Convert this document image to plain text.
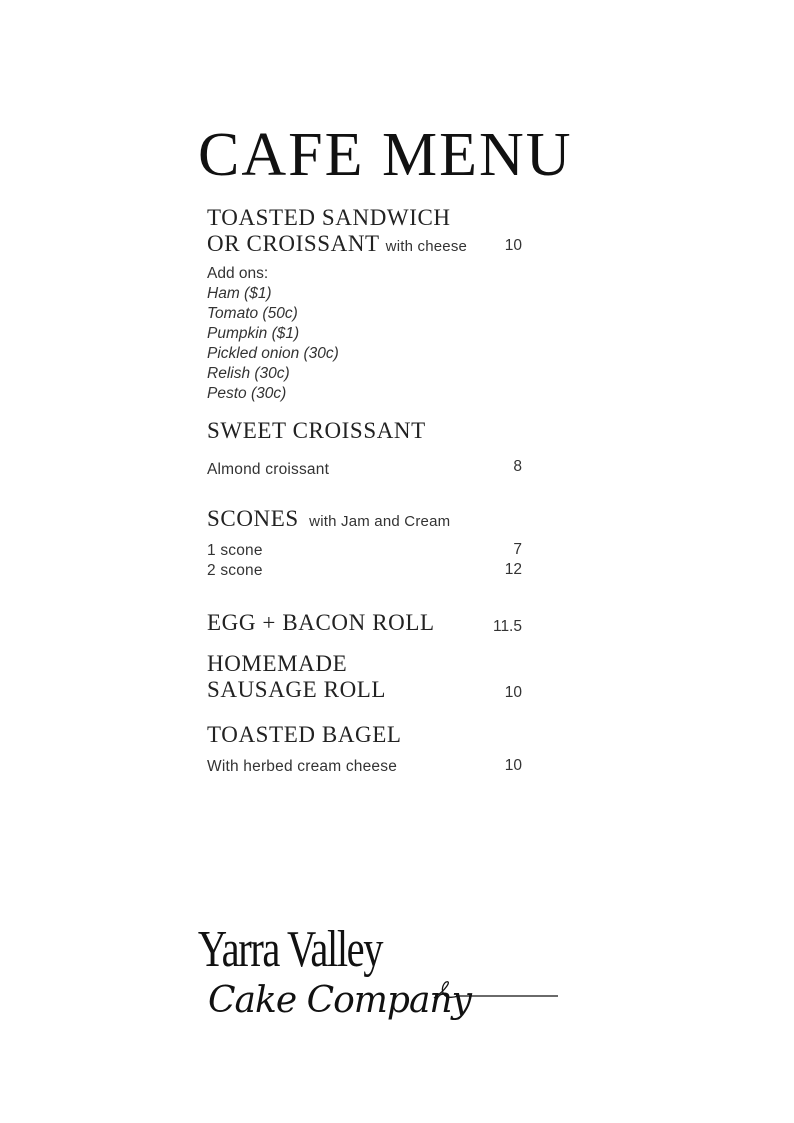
CAFE MENU
TOASTED SANDWICH
OR CROISSANT with cheese	10
Add ons:
Ham ($1)
Tomato (50c)
Pumpkin ($1)
Pickled onion (30c)
Relish (30c)
Pesto (30c)
SWEET CROISSANT
Almond croissant	8
SCONES with Jam and Cream
1 scone	7
2 scone	12
EGG + BACON ROLL	11.5
HOMEMADE
SAUSAGE ROLL	10
TOASTED BAGEL
With herbed cream cheese	10
Yarra Valley
Cake Company
